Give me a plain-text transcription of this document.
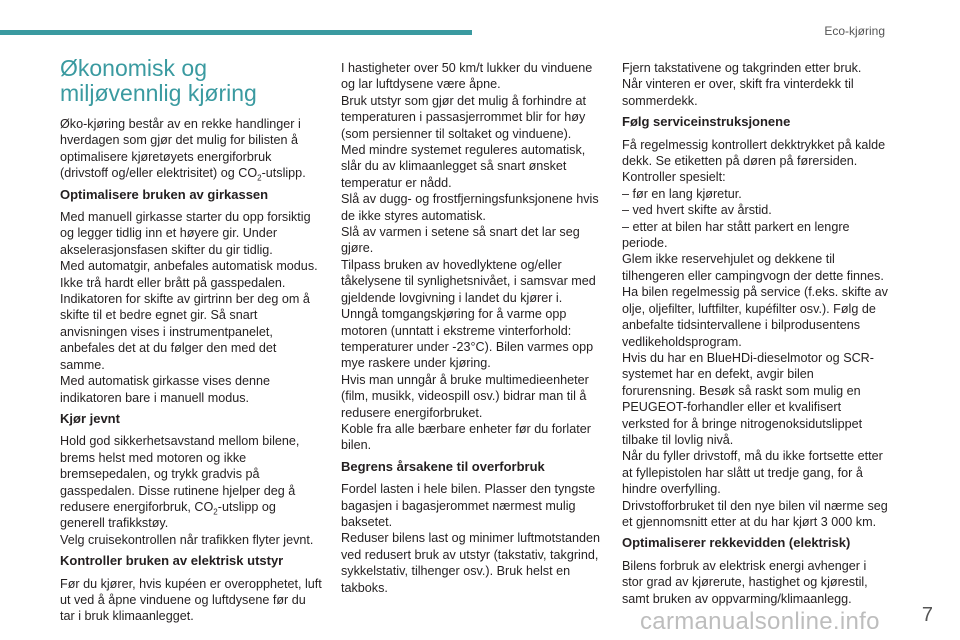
Eco-kjøring
Økonomisk og miljøvennlig kjøring

Øko-kjøring består av en rekke handlinger i hverdagen som gjør det mulig for bilisten å optimalisere kjøretøyets energiforbruk (drivstoff og/eller elektrisitet) og $CO_2$-utslipp.

Optimalisere bruken av girkassen

Med manuell girkasse starter du opp forsiktig og legger tidlig inn et høyere gir. Under akselerasjonsfasen skifter du gir tidlig.
Med automatgir, anbefales automatisk modus. Ikke trå hardt eller brått på gasspedalen.
Indikatoren for skifte av girtrinn ber deg om å skifte til et bedre egnet gir. Så snart anvisningen vises i instrumentpanelet, anbefales det at du følger den med det samme.
Med automatisk girkasse vises denne indikatoren bare i manuell modus.

Kjør jevnt

Hold god sikkerhetsavstand mellom bilene, brems helst med motoren og ikke bremsepedalen, og trykk gradvis på gasspedalen. Disse rutinene hjelper deg å redusere energiforbruk, $CO_2$-utslipp og generell trafikkstøy.
Velg cruisekontrollen når trafikken flyter jevnt.

Kontroller bruken av elektrisk utstyr

Før du kjører, hvis kupéen er overopphetet, luft ut ved å åpne vinduene og luftdysene før du tar i bruk klimaanlegget.

I hastigheter over 50 km/t lukker du vinduene og lar luftdysene være åpne.
Bruk utstyr som gjør det mulig å forhindre at temperaturen i passasjerrommet blir for høy (som persienner til soltaket og vinduene).
Med mindre systemet reguleres automatisk, slår du av klimaanlegget så snart ønsket temperatur er nådd.
Slå av dugg- og frostfjerningsfunksjonene hvis de ikke styres automatisk.
Slå av varmen i setene så snart det lar seg gjøre.
Tilpass bruken av hovedlyktene og/eller tåkelysene til synlighetsnivået, i samsvar med gjeldende lovgivning i landet du kjører i.
Unngå tomgangskjøring for å varme opp motoren (unntatt i ekstreme vinterforhold: temperaturer under -23°C). Bilen varmes opp mye raskere under kjøring.
Hvis man unngår å bruke multimedieenheter (film, musikk, videospill osv.) bidrar man til å redusere energiforbruket.
Koble fra alle bærbare enheter før du forlater bilen.

Begrens årsakene til overforbruk

Fordel lasten i hele bilen. Plasser den tyngste bagasjen i bagasjerommet nærmest mulig baksetet.
Reduser bilens last og minimer luftmotstanden ved redusert bruk av utstyr (takstativ, takgrind, sykkelstativ, tilhenger osv.). Bruk helst en takboks.

Fjern takstativene og takgrinden etter bruk.
Når vinteren er over, skift fra vinterdekk til sommerdekk.

Følg serviceinstruksjonene

Få regelmessig kontrollert dekktrykket på kalde dekk. Se etiketten på døren på førersiden.
Kontroller spesielt:
– før en lang kjøretur.
– ved hvert skifte av årstid.
– etter at bilen har stått parkert en lengre periode.
Glem ikke reservehjulet og dekkene til tilhengeren eller campingvogn der dette finnes.
Ha bilen regelmessig på service (f.eks. skifte av olje, oljefilter, luftfilter, kupéfilter osv.). Følg de anbefalte tidsintervallene i bilprodusentens vedlikeholdsprogram.
Hvis du har en BlueHDi-dieselmotor og SCR-systemet har en defekt, avgir bilen forurensning. Besøk så raskt som mulig en PEUGEOT-forhandler eller et kvalifisert verksted for å bringe nitrogenoksidutslippet tilbake til lovlig nivå.
Når du fyller drivstoff, må du ikke fortsette etter at fyllepistolen har slått ut tredje gang, for å hindre overfylling.
Drivstofforbruket til den nye bilen vil nærme seg et gjennomsnitt etter at du har kjørt 3 000 km.

Optimaliserer rekkevidden (elektrisk)

Bilens forbruk av elektrisk energi avhenger i stor grad av kjørerute, hastighet og kjørestil, samt bruken av oppvarming/klimaanlegg.

carmanualsonline.info 7
